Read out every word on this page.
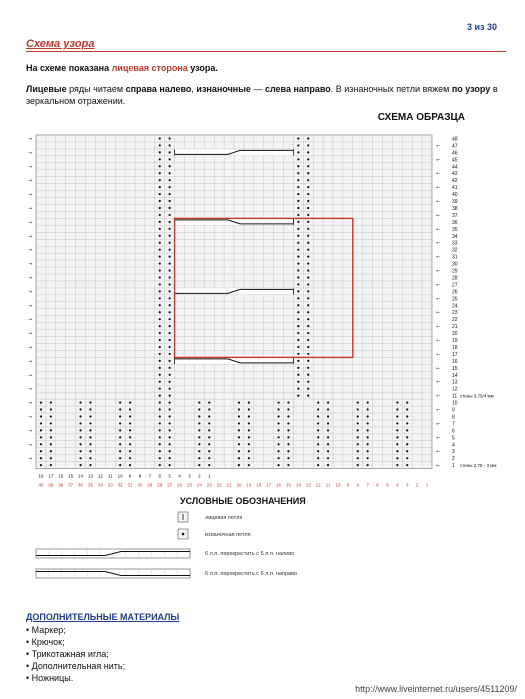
3 из 30
Схема узора
На схеме показана лицевая сторона узора.
Лицевые ряды читаем справа налево, изнаночные — слева направо. В изнаночных петли вяжем по узору в зеркальном отражении.
СХЕМА ОБРАЗЦА
48
→
47
←
46
→
45
←
44
→
43
←
42
→
41
←
40
→
39
←
38
→
37
←
36
→
35
←
34
→
33
←
32
→
31
←
30
→
29
←
28
→
27
←
26
→
25
←
24
→
23
←
22
→
21
←
20
→
19
←
18
→
17
←
16
→
15
←
14
→
13
←
12
→
11
←
10
→
9
←
8
→
7
←
6
→
5
←
4
→
3
←
2
→
1
←
40 39 38 37 36 35 34 33 32 31 30 29 28 27 26 25 24 23 22 21 20 19 18 17 16 15 14 13 12 11 10 9 8 7 6 5 4 3 2 1
18 17 16 15 14 13 12 11 10 9 8 7 6 5 4 3 2 1
стены 3,75/4 мм
стены 2,75 - 3 мм
лицевая петля
изнаночная петля
6 л.п. перекрестить с 6 л.п. налево
6 л.п. перекрестить с 6 л.п. направо
УСЛОВНЫЕ ОБОЗНАЧЕНИЯ
ДОПОЛНИТЕЛЬНЫЕ МАТЕРИАЛЫ
• Маркер;
• Крючок;
• Трикотажная игла;
• Дополнительная нить;
• Ножницы.
http://www.liveinternet.ru/users/4511209/
